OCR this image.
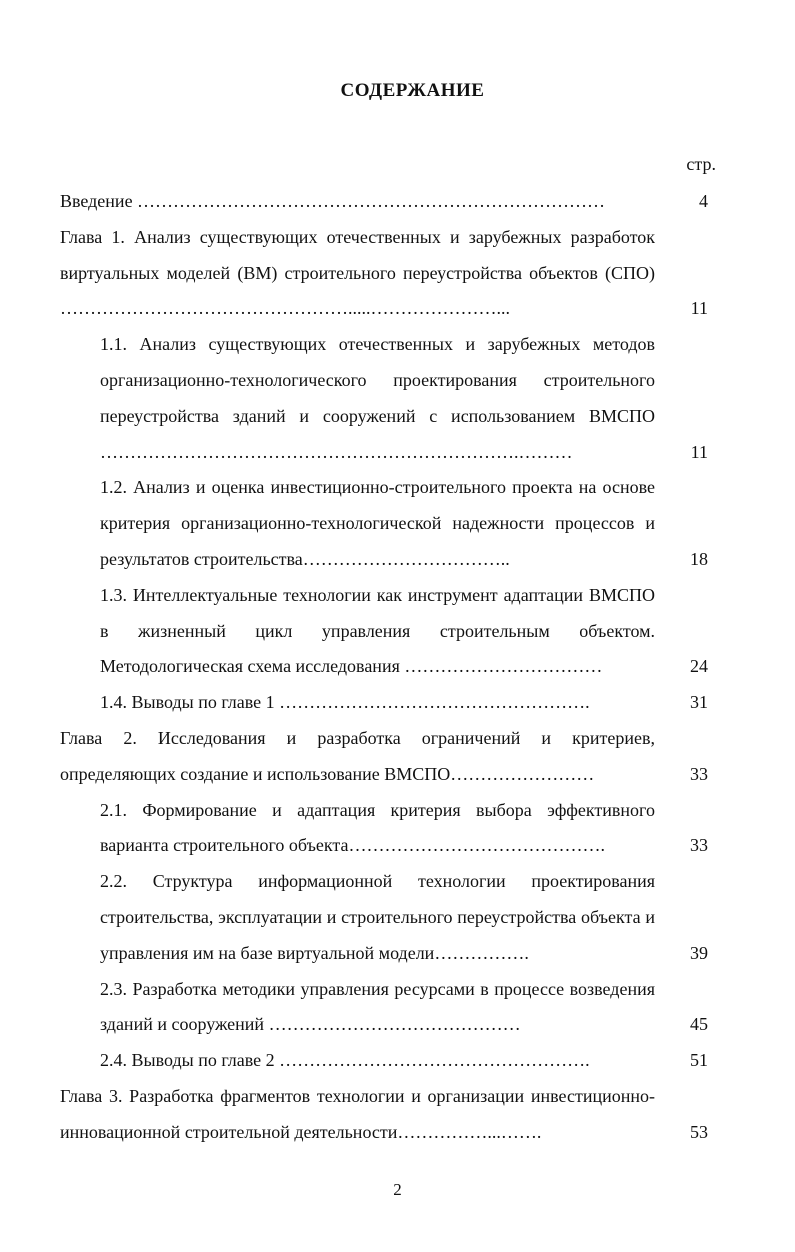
СОДЕРЖАНИЕ
стр.
Введение ……………………………………………………………………	4
Глава 1. Анализ существующих отечественных и зарубежных разработок виртуальных моделей (ВМ) строительного переустройства объектов (СПО) ………………………………………….....…………………...	11
1.1. Анализ существующих отечественных и зарубежных методов организационно-технологического проектирования строительного переустройства зданий и сооружений с использованием ВМСПО …………………………………………………………….………	11
1.2. Анализ и оценка инвестиционно-строительного проекта на основе критерия организационно-технологической надежности процессов и результатов строительства……………………………..	18
1.3. Интеллектуальные технологии как инструмент адаптации ВМСПО в жизненный цикл управления строительным объектом. Методологическая схема исследования ……………………………	24
1.4. Выводы по главе 1 …………………………………………….	31
Глава 2. Исследования и разработка ограничений и критериев, определяющих создание и использование ВМСПО……………………	33
2.1. Формирование и адаптация критерия выбора эффективного варианта строительного объекта…………………………………….	33
2.2. Структура информационной технологии проектирования строительства, эксплуатации и строительного переустройства объекта и управления им на базе виртуальной модели…………….	39
2.3. Разработка методики управления ресурсами в процессе возведения зданий и сооружений ……………………………………	45
2.4. Выводы по главе 2 …………………………………………….	51
Глава 3. Разработка фрагментов технологии и организации инвестиционно-инновационной строительной деятельности……………...…….	53
2
